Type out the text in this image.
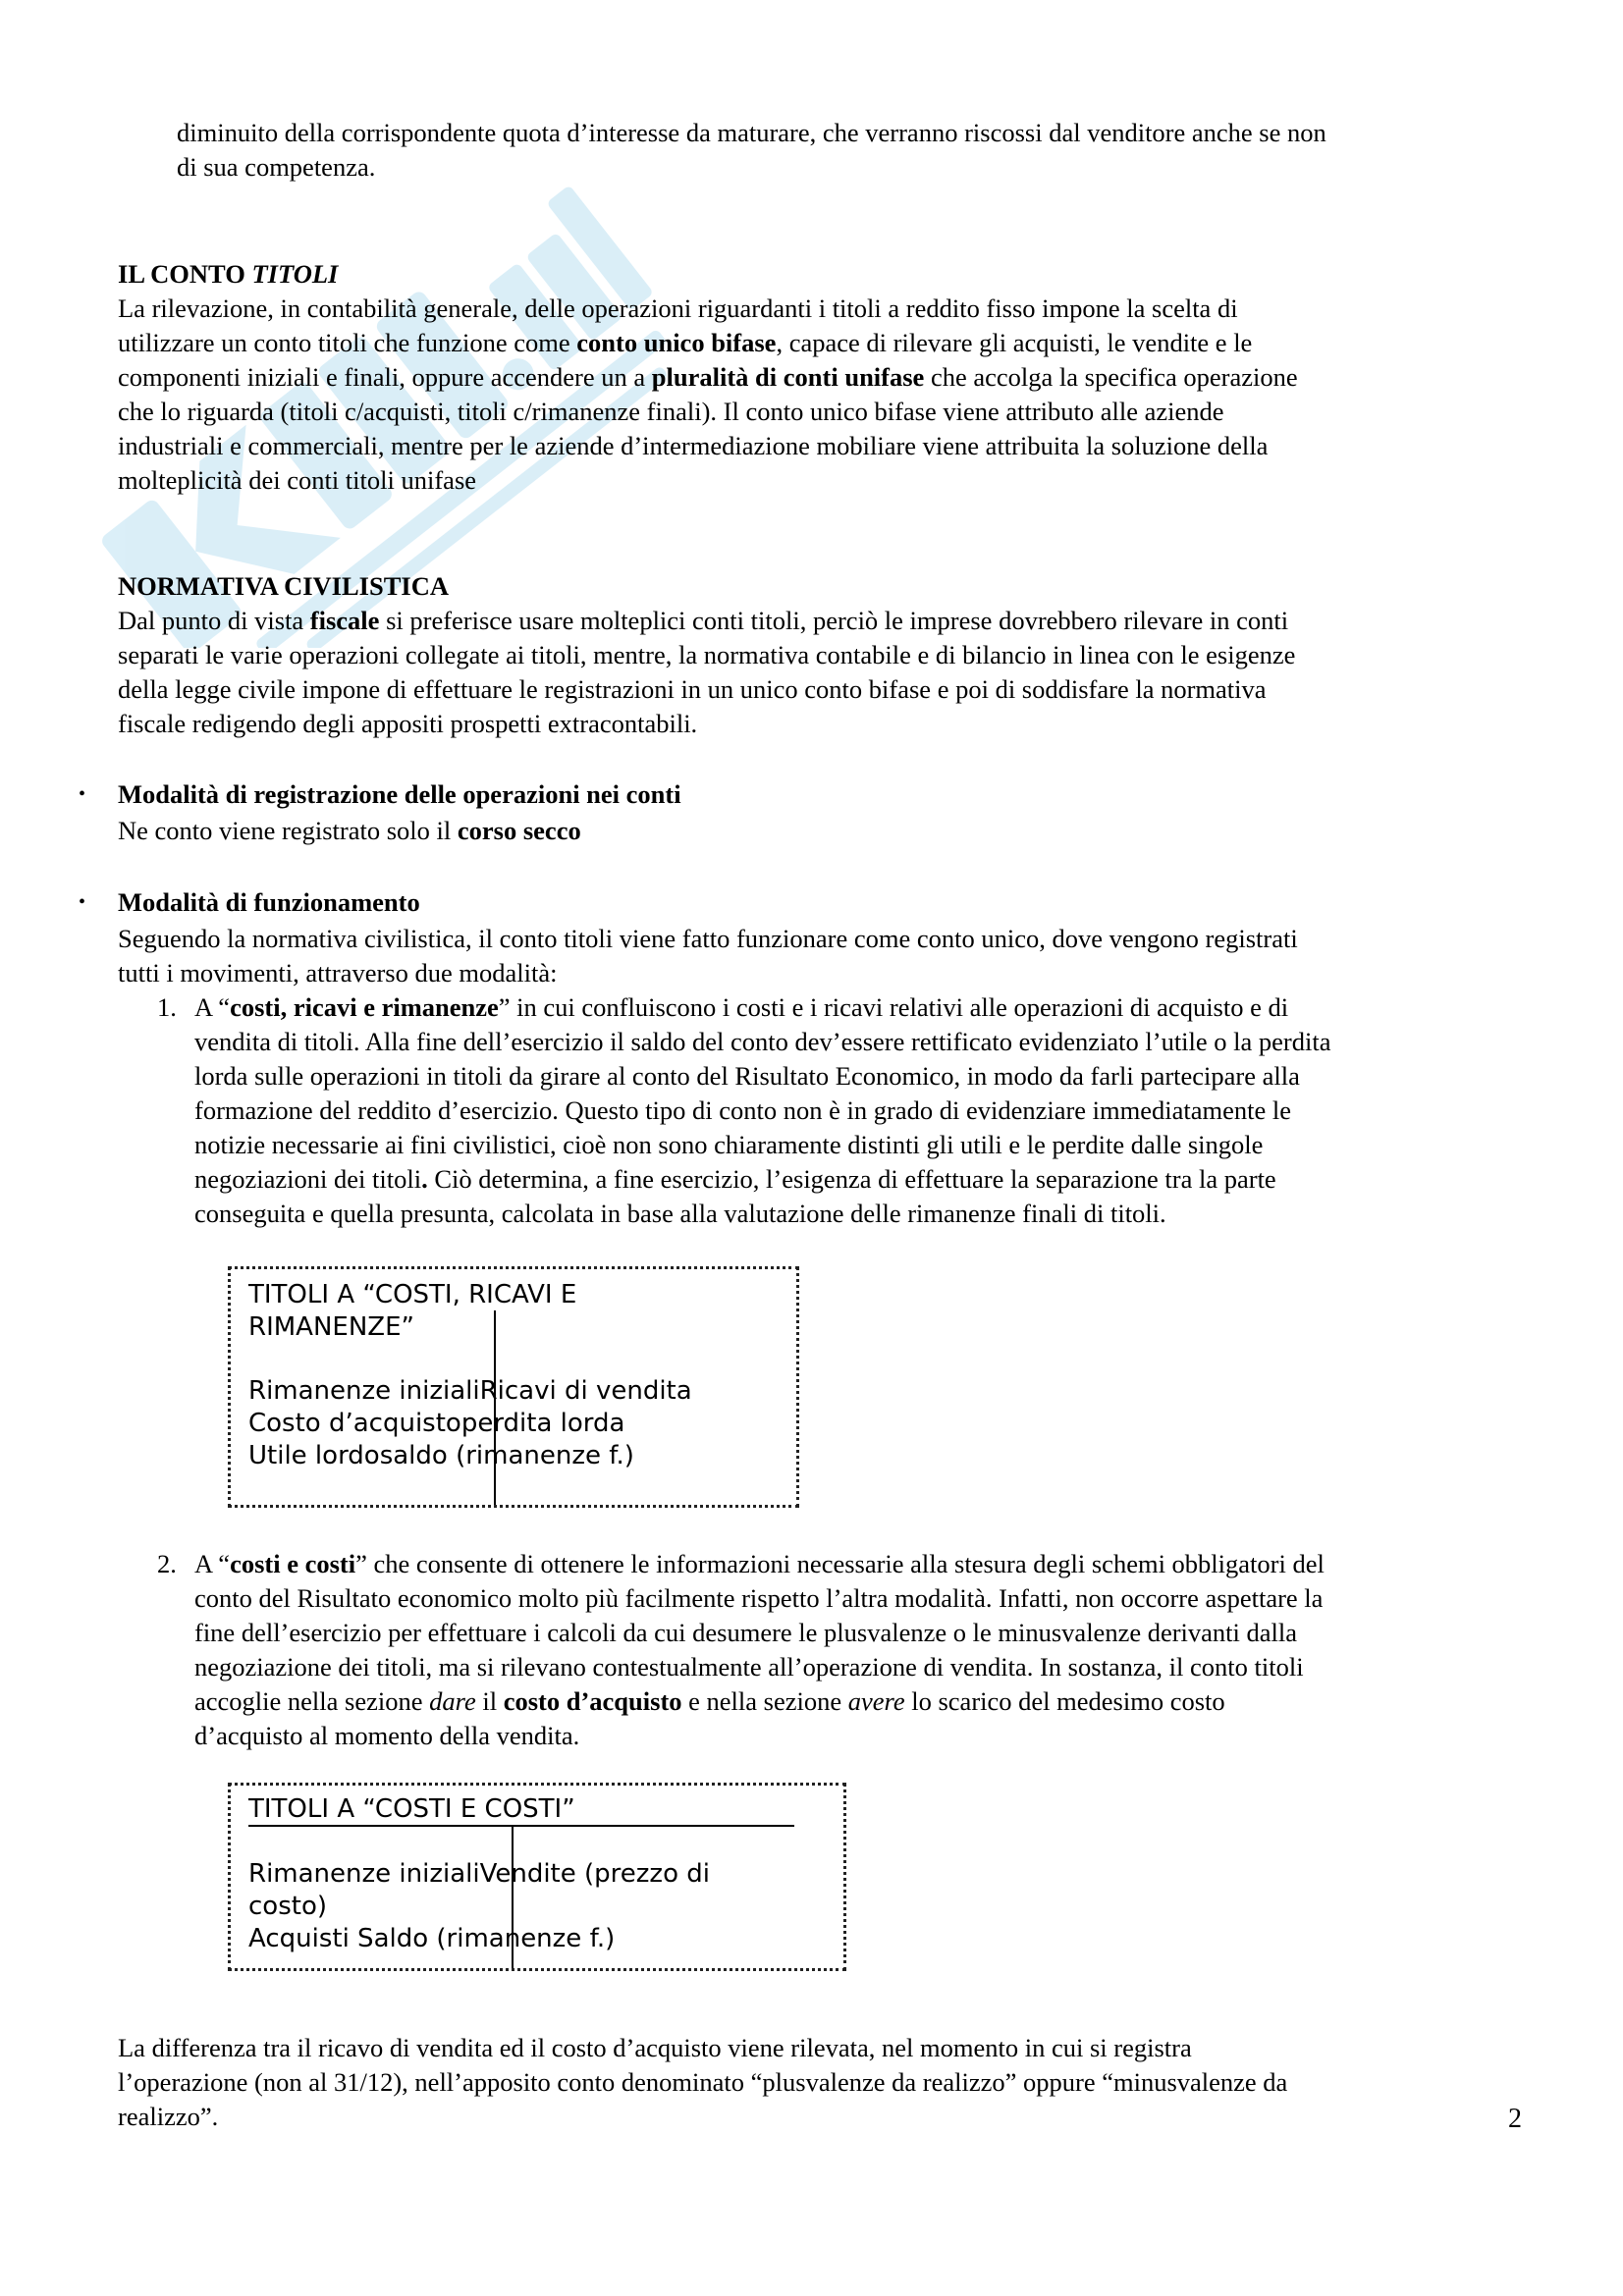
diminuito della corrispondente quota d’interesse da maturare, che verranno riscossi dal venditore anche se non

di sua competenza.

IL CONTO TITOLI

La rilevazione, in contabilità generale, delle operazioni riguardanti i titoli a reddito fisso impone la scelta di

utilizzare un conto titoli che funzione come conto unico bifase, capace di rilevare gli acquisti, le vendite e le

componenti iniziali e finali, oppure accendere un a pluralità di conti unifase che accolga la specifica operazione

che lo riguarda (titoli c/acquisti, titoli c/rimanenze finali). Il conto unico bifase viene attributo alle aziende

industriali e commerciali, mentre per le aziende d’intermediazione mobiliare viene attribuita la soluzione della

molteplicità dei conti titoli unifase

NORMATIVA CIVILISTICA

Dal punto di vista fiscale si preferisce usare molteplici conti titoli, perciò le imprese dovrebbero rilevare in conti

separati le varie operazioni collegate ai titoli, mentre, la normativa contabile e di bilancio in linea con le esigenze

della legge civile impone di effettuare le registrazioni in un unico conto bifase e poi di soddisfare la normativa

fiscale redigendo degli appositi prospetti extracontabili.

• Modalità di registrazione delle operazioni nei conti

Ne conto viene registrato solo il corso secco

• Modalità di funzionamento

Seguendo la normativa civilistica, il conto titoli viene fatto funzionare come conto unico, dove vengono registrati

tutti i movimenti, attraverso due modalità:

1. A “costi, ricavi e rimanenze” in cui confluiscono i costi e i ricavi relativi alle operazioni di acquisto e di

vendita di titoli. Alla fine dell’esercizio il saldo del conto dev’essere rettificato evidenziato l’utile o la perdita

lorda sulle operazioni in titoli da girare al conto del Risultato Economico, in modo da farli partecipare alla

formazione del reddito d’esercizio. Questo tipo di conto non è in grado di evidenziare immediatamente le

notizie necessarie ai fini civilistici, cioè non sono chiaramente distinti gli utili e le perdite dalle singole

negoziazioni dei titoli. Ciò determina, a fine esercizio, l’esigenza di effettuare la separazione tra la parte

conseguita e quella presunta, calcolata in base alla valutazione delle rimanenze finali di titoli.

TITOLI A “COSTI, RICAVI E
RIMANENZE”
Rimanenze inizialiRicavi di vendita
Costo d’acquistoperdita lorda
Utile lordosaldo (rimanenze f.)
2. A “costi e costi” che consente di ottenere le informazioni necessarie alla stesura degli schemi obbligatori del

conto del Risultato economico molto più facilmente rispetto l’altra modalità. Infatti, non occorre aspettare la

fine dell’esercizio per effettuare i calcoli da cui desumere le plusvalenze o le minusvalenze derivanti dalla

negoziazione dei titoli, ma si rilevano contestualmente all’operazione di vendita. In sostanza, il conto titoli

accoglie nella sezione dare il costo d’acquisto e nella sezione avere lo scarico del medesimo costo

d’acquisto al momento della vendita.

TITOLI A “COSTI E COSTI”
Rimanenze inizialiVendite (prezzo di
costo)
Acquisti Saldo (rimanenze f.)

La differenza tra il ricavo di vendita ed il costo d’acquisto viene rilevata, nel momento in cui si registra

l’operazione (non al 31/12), nell’apposito conto denominato “plusvalenze da realizzo” oppure “minusvalenze da

realizzo”.	2
